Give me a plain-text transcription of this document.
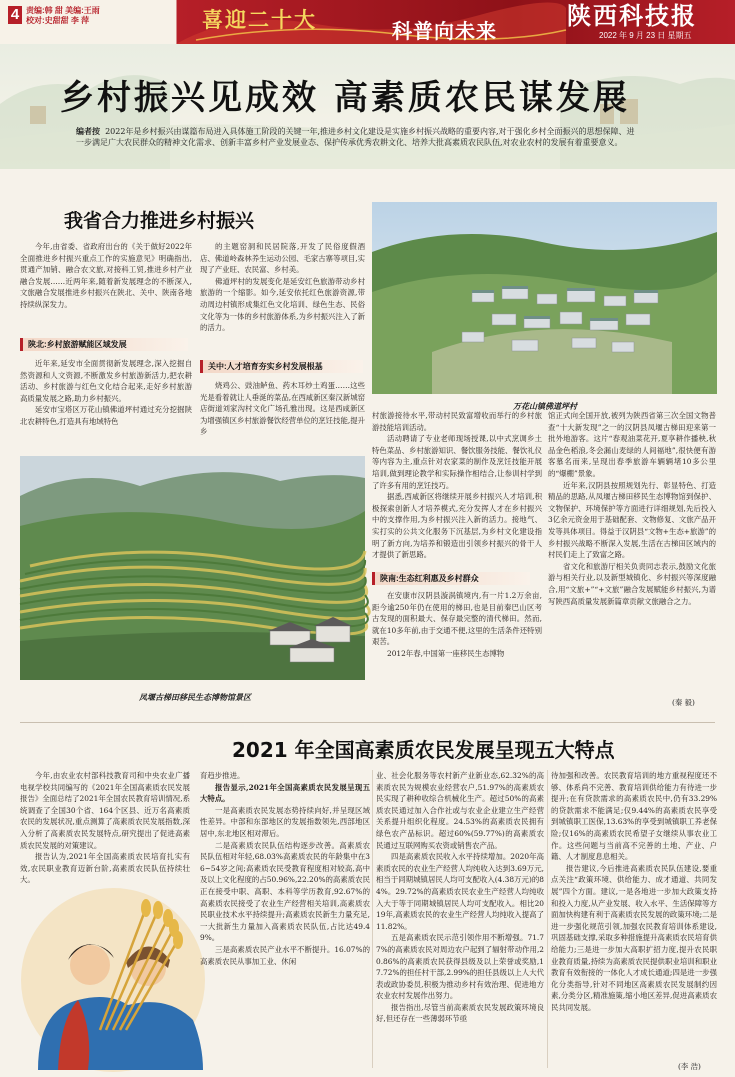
4 责编:韩 甜 美编:王雨
校对:史甜甜 李 萍	喜迎二十大	科普向未来
陕西科技报
2022 年 9 月 23 日 星期五
乡村振兴见成效 高素质农民谋发展
编者按 2022年是乡村振兴由谋篇布局进入具体施工阶段的关键一年,推进乡村文化建设是实施乡村振兴战略的重要内容,对于强化乡村全面振兴的思想保障、进一步满足广大农民群众的精神文化需求、创新丰富乡村产业发展业态、保护传承优秀农耕文化、培养大批高素质农民队伍,对农业农村的发展有着重要意义。
我省合力推进乡村振兴

今年,由省委、省政府出台的《关于做好2022年全面推进乡村振兴重点工作的实施意见》明确指出,贯通产加销、融合农文旅,对接科工贸,推进乡村产业融合发展……近两年来,随着新发展理念的不断深入,文旅融合发展推进乡村振兴在陕北、关中、陕南各地持续纵深发力。

陕北:乡村旅游赋能区域发展

近年来,延安市全面贯彻新发展理念,深入挖掘自然资源和人文资源,不断激发乡村旅游新活力,把农耕活动、乡村旅游与红色文化结合起来,走好乡村旅游高质量发展之路,助力乡村振兴。

延安市宝塔区万花山镇佛道坪村通过充分挖掘陕北农耕特色,打造具有地域特色

的主题窑洞和民居院落,开发了民俗度假酒店、佛道岭森林养生运动公园、毛家古寨等项目,实现了产业旺、农民富、乡村美。

佛道坪村的发展变化是延安红色旅游带动乡村旅游的一个缩影。如今,延安依托红色旅游资源,带动周边村镇形成集红色文化培训、绿色生态、民俗文化等为一体的乡村旅游体系,为乡村振兴注入了新的活力。

关中:人才培育夯实乡村发展根基

烧鸡公、豉油鲈鱼、药木耳炒土鸡蛋……这些光是看着就让人垂涎的菜品,在西咸新区秦汉新城窑店街道刘家沟村文化广场孔雅出现。这是西咸新区为增强镇区乡村旅游餐饮经营单位的烹饪技能,提升乡

万花山镇佛道坪村
凤堰古梯田移民生态博物馆景区

村旅游接待水平,带动村民致富增收而举行的乡村旅游技能培训活动。

活动聘请了专业老师现场授课,以中式烹调乡土特色菜品、乡村旅游知识、餐饮服务技能、餐饮礼仪等内容为主,重点针对农家菜的制作及烹饪技能开展培训,做到理论教学和实际操作相结合,让参训村学到了许多有用的烹饪技巧。

据悉,西咸新区将继续开展乡村振兴人才培训,积极探索创新人才培养模式,充分发挥人才在乡村振兴中的支撑作用,为乡村振兴注入新的活力。接地气、实打实的公共文化服务下沉基层,为乡村文化建设指明了新方向,为培养和锻造出引领乡村振兴的骨干人才提供了新思路。

陕南:生态红利惠及乡村群众

在安康市汉阴县漩涡镇境内,有一片1.2万余亩,距今逾250年仍在使用的梯田,也是目前秦巴山区考古发现的面积最大、保存最完整的清代梯田。然而,就在10多年前,由于交通不便,这里的生活条件还特别艰苦。

2012年春,中国第一座移民生态博物

馆正式向全国开放,被列为陕西省第三次全国文物普查“十大新发现”之一的汉阴县凤堰古梯田迎来第一批外地游客。这片“春观油菜花开,夏享耕作播秧,秋品金色稻浪,冬会漏山麦绿的人间福地”,很快便有游客慕名而来,呈现出春季旅游车辆辆堵10多公里的“爆棚”景象。

近年来,汉阴县按照规划先行、彰显特色、打造精品的思路,从凤堰古梯田移民生态博物馆到保护、文物保护、环境保护等方面进行详细规划,先后投入3亿余元资金用于基础配套、文物修复、文旅产品开发等具体项目。得益于汉阴县“文物+生态+旅游”的乡村振兴战略不断深入发展,生活在古梯田区域内的村民们走上了致富之路。

省文化和旅游厅相关负责同志表示,鼓励文化旅游与相关行业,以及新型城镇化、乡村振兴等深度融合,用“文旅+”“+文旅”融合发展赋能乡村振兴,为谱写陕西高质量发展新篇章贡献文旅融合之力。

(秦 毅)
2021 年全国高素质农民发展呈现五大特点

今年,由农业农村部科技教育司和中央农业广播电视学校共同编写的《2021年全国高素质农民发展报告》全面总结了2021年全国农民教育培训情况,系统调查了全国30个省、164个区县、近万名高素质农民的发展状况,重点测算了高素质农民发展指数,深入分析了高素质农民发展特点,研究提出了促进高素质农民发展的对策建议。

报告认为,2021年全国高素质农民培育扎实有效,农民职业教育迈新台阶,高素质农民队伍持续壮大。

育趋步推进。

报告显示,2021年全国高素质农民发展呈现五大特点。

一是高素质农民发展态势持续向好,并呈现区域性差异。中部和东部地区的发展指数领先,西部地区居中,东北地区相对滞后。

二是高素质农民队伍结构逐步改善。高素质农民队伍相对年轻,68.03%高素质农民的年龄集中在36~54岁之间;高素质农民受教育程度相对较高,高中及以上文化程度的占50.96%,22.20%的高素质农民正在接受中职、高职、本科等学历教育,92.67%的高素质农民接受了农业生产经营相关培训,高素质农民职业技术水平持续提升;高素质农民新生力量充足,一大批新生力量加入高素质农民队伍,占比达49.49%。

三是高素质农民产业水平不断提升。16.07%的高素质农民从事加工业、休闲

业、社会化服务等农村新产业新业态,62.32%的高素质农民为规模农业经营农户,51.97%的高素质农民实现了耕种收综合机械化生产。超过50%的高素质农民通过加入合作社或与农业企业建立生产经营关系提升组织化程度。24.53%的高素质农民拥有绿色农产品标识。超过60%(59.77%)的高素质农民通过互联网购买农资或销售农产品。

四是高素质农民收入水平持续增加。2020年高素质农民的农业生产经营人均纯收入达到3.69万元,相当于同期城镇居民人均可支配收入(4.38万元)的84%。29.72%的高素质农民农业生产经营人均纯收入大于等于同期城镇居民人均可支配收入。相比2019年,高素质农民的农业生产经营人均纯收入提高了11.82%。

五是高素质农民示范引领作用不断增强。71.77%的高素质农民对周边农户起到了辐射带动作用,20.86%的高素质农民获得县级及以上荣誉或奖励,17.72%的担任村干部,2.99%的担任县级以上人大代表或政协委员,积极为推动乡村有效治理、促进地方农业农村发展作出努力。

报告指出,尽管当前高素质农民发展政策环境良好,但还存在一些薄弱环节亟

待加强和改善。农民教育培训的地方重视程度还不够、体系尚不完善、教育培训供给能力有待进一步提升;在有贷款需求的高素质农民中,仍有33.29%的贷款需求不能满足;仅9.44%的高素质农民享受到城镇职工医保,13.63%的享受到城镇职工养老保险;仅16%的高素质农民希望子女继续从事农业工作。这些问题与当前高不完善的土地、产业、户籍、人才制度息息相关。

报告建议,今后推进高素质农民队伍建设,要重点关注“政策环境、供给能力、成才通道、共同发展”四个方面。建议,一是各地进一步加大政策支持和投入力度,从产业发展、收入水平、生活保障等方面加快构建有利于高素质农民发展的政策环境;二是进一步强化规范引领,加强农民教育培训体系建设,巩固基础支撑,采取多种措施提升高素质农民培育供给能力;三是进一步加大高职扩招力度,提升农民职业教育质量,持续为高素质农民提供职业培训和职业教育有效衔接的一体化人才成长通道;四是进一步强化分类指导,针对不同地区高素质农民发展制约因素,分类分区,精准施策,缩小地区差异,促进高素质农民共同发展。

(李 浩)
